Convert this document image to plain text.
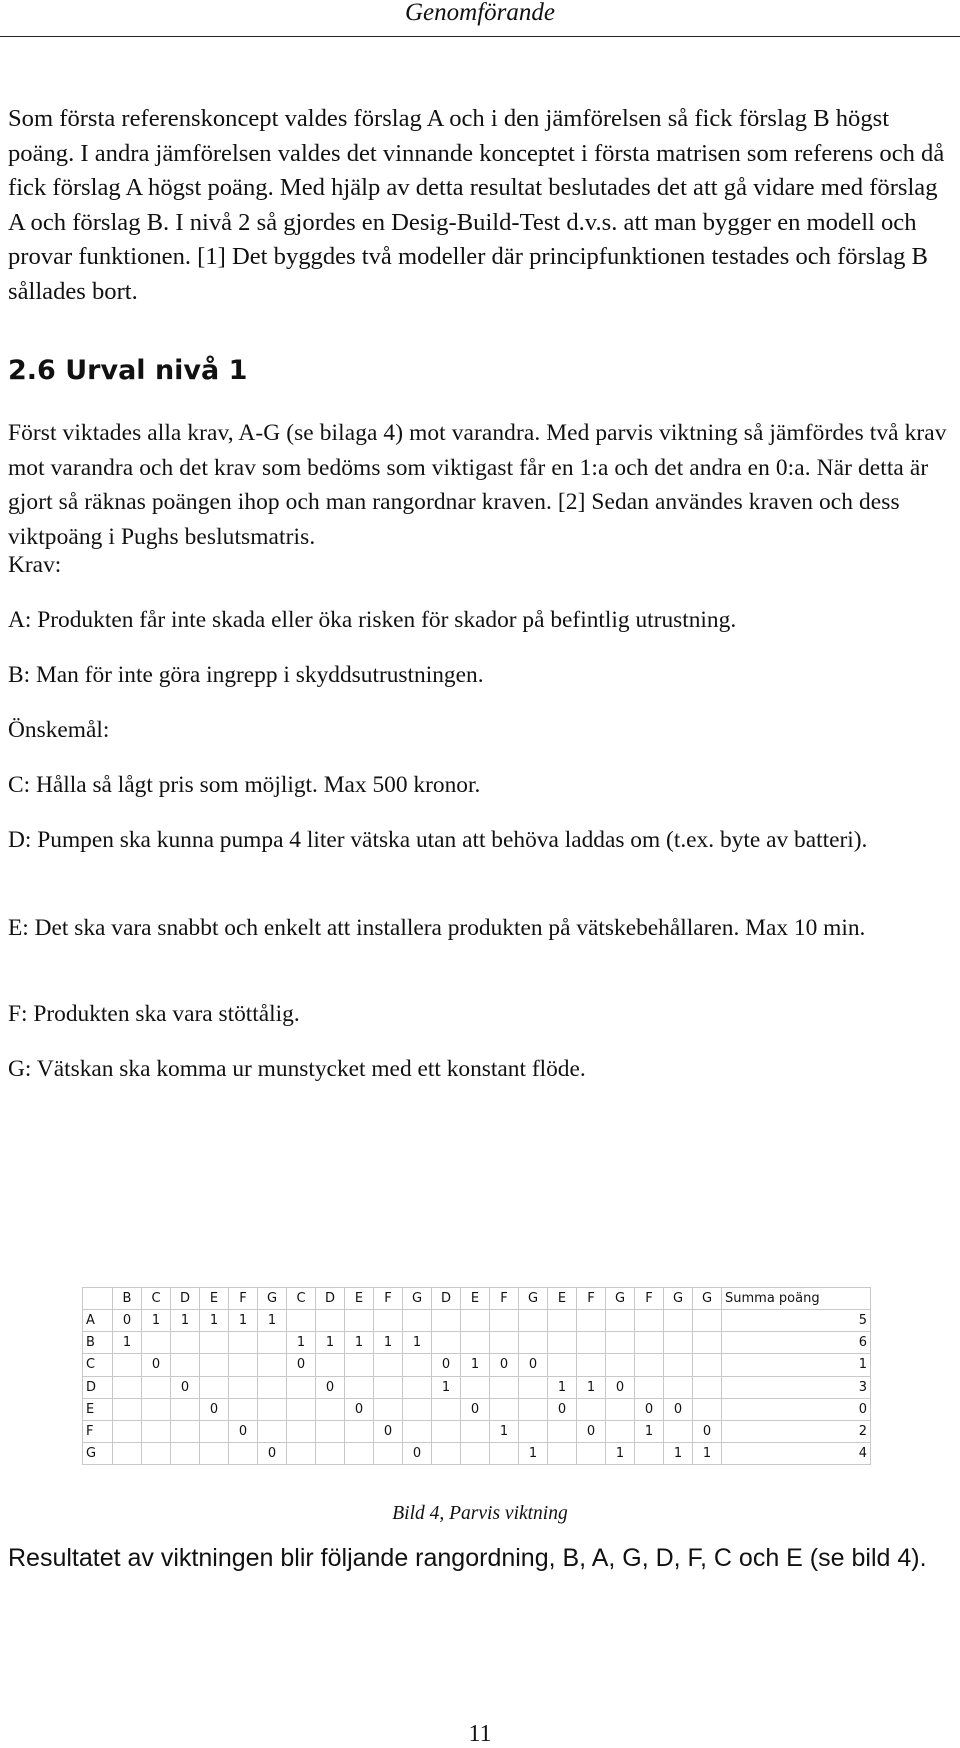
Genomförande

Som första referenskoncept valdes förslag A och i den jämförelsen så fick förslag B högst poäng. I andra jämförelsen valdes det vinnande konceptet i första matrisen som referens och då fick förslag A högst poäng. Med hjälp av detta resultat beslutades det att gå vidare med förslag A och förslag B. I nivå 2 så gjordes en Desig-Build-Test d.v.s. att man bygger en modell och provar funktionen. [1] Det byggdes två modeller där principfunktionen testades och förslag B sållades bort.

2.6 Urval nivå 1

Först viktades alla krav, A-G (se bilaga 4) mot varandra. Med parvis viktning så jämfördes två krav mot varandra och det krav som bedöms som viktigast får en 1:a och det andra en 0:a. När detta är gjort så räknas poängen ihop och man rangordnar kraven. [2] Sedan användes kraven och dess viktpoäng i Pughs beslutsmatris.

Krav:

A: Produkten får inte skada eller öka risken för skador på befintlig utrustning.

B: Man för inte göra ingrepp i skyddsutrustningen.

Önskemål:

C: Hålla så lågt pris som möjligt. Max 500 kronor.

D: Pumpen ska kunna pumpa 4 liter vätska utan att behöva laddas om (t.ex. byte av batteri).

E: Det ska vara snabbt och enkelt att installera produkten på vätskebehållaren. Max 10 min.

F: Produkten ska vara stöttålig.

G: Vätskan ska komma ur munstycket med ett konstant flöde.

	B	C	D	E	F	G	C	D	E	F	G	D	E	F	G	E	F	G	F	G	G	Summa poäng
A	0	1	1	1	1	1																5
B	1						1	1	1	1	1											6
C		0					0					0	1	0	0							1
D			0					0				1				1	1	0				3
E				0					0				0			0			0	0		0
F					0					0				1			0		1		0	2
G						0					0				1			1		1	1	4

Bild 4, Parvis viktning

Resultatet av viktningen blir följande rangordning, B, A, G, D, F, C och E (se bild 4).

11
